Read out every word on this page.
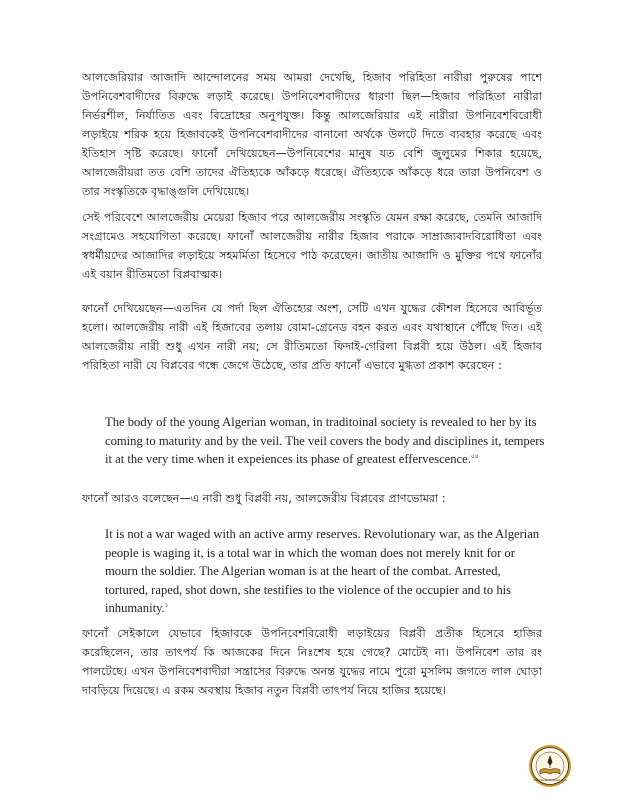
আলজেরিয়ার আজাদি আন্দোলনের সময় আমরা দেখেছি, হিজাব পরিহিতা নারীরা পুরুষের পাশে উপনিবেশবাদীদের বিরুদ্ধে লড়াই করেছে। উপনিবেশবাদীদের ধারণা ছিল—হিজাব পরিহিতা নারীরা নির্ভরশীল, নির্যাতিত এবং বিদ্রোহের অনুপযুক্ত। কিন্তু আলজেরিয়ার এই নারীরা উপনিবেশবিরোধী লড়াইয়ে শরিক হয়ে হিজাবকেই উপনিবেশবাদীদের বানানো অর্থকে উলটে দিতে ব্যবহার করেছে এবং ইতিহাস সৃষ্টি করেছে। ফানোঁ দেখিয়েছেন—উপনিবেশের মানুষ যত বেশি জুলুমের শিকার হয়েছে, আলজেরীয়রা তত বেশি তাদের ঐতিহ্যকে আঁকড়ে ধরেছে। ঐতিহ্যকে আঁকড়ে ধরে তারা উপনিবেশ ও তার সংস্কৃতিকে বৃদ্ধাঙ্গুলি দেখিয়েছে।

সেই পরিবেশে আলজেরীয় মেয়েরা হিজাব পরে আলজেরীয় সংস্কৃতি যেমন রক্ষা করেছে, তেমনি আজাদি সংগ্রামেও সহযোগিতা করেছে। ফানোঁ আলজেরীয় নারীর হিজাব পরাকে সাম্রাজ্যবাদবিরোধিতা এবং স্বধর্মীয়দের আজাদির লড়াইয়ে সহমর্মিতা হিসেবে পাঠ করেছেন। জাতীয় আজাদি ও মুক্তির পথে ফানোঁর এই বয়ান রীতিমতো বিপ্লবাত্মক।

ফানোঁ দেখিয়েছেন—এতদিন যে পর্দা ছিল ঐতিহ্যের অংশ, সেটি এখন যুদ্ধের কৌশল হিসেবে আবির্ভূত হলো। আলজেরীয় নারী এই হিজাবের তলায় বোমা-গ্রেনেড বহন করত এবং যথাস্থানে পৌঁছে দিত। এই আলজেরীয় নারী শুধু এখন নারী নয়; সে রীতিমতো ফিদাই-গেরিলা বিপ্লবী হয়ে উঠল। এই হিজাব পরিহিতা নারী যে বিপ্লবের গন্ধে জেগে উঠেছে, তার প্রতি ফানোঁ এভাবে মুগ্ধতা প্রকাশ করেছেন :

The body of the young Algerian woman, in traditoinal society is revealed to her by its coming to maturity and by the veil. The veil covers the body and disciplines it, tempers it at the very time when it expeiences its phase of greatest effervescence.$^{৫৪}$

ফানোঁ আরও বলেছেন—এ নারী শুধু বিপ্লবী নয়, আলজেরীয় বিপ্লবের প্রাণভোমরা :

It is not a war waged with an active army reserves. Revolutionary war, as the Algerian people is waging it, is a total war in which the woman does not merely knit for or mourn the soldier. The Algerian woman is at the heart of the combat. Arrested, tortured, raped, shot down, she testifies to the violence of the occupier and to his inhumanity.$^১$

ফানোঁ সেইকালে যেভাবে হিজাবকে উপনিবেশবিরোধী লড়াইয়ের বিপ্লবী প্রতীক হিসেবে হাজির করেছিলেন, তার তাৎপর্য কি আজকের দিনে নিঃশেষ হয়ে গেছে? মোটেই না। উপনিবেশ তার রং পালটেছে। এখন উপনিবেশবাদীরা সন্ত্রাসের বিরুদ্ধে অনন্ত যুদ্ধের নামে পুরো মুসলিম জগতে লাল ঘোড়া দাবড়িয়ে দিয়েছে। এ রকম অবস্থায় হিজাব নতুন বিপ্লবী তাৎপর্য নিয়ে হাজির হয়েছে।

www.thebookswrold.com
